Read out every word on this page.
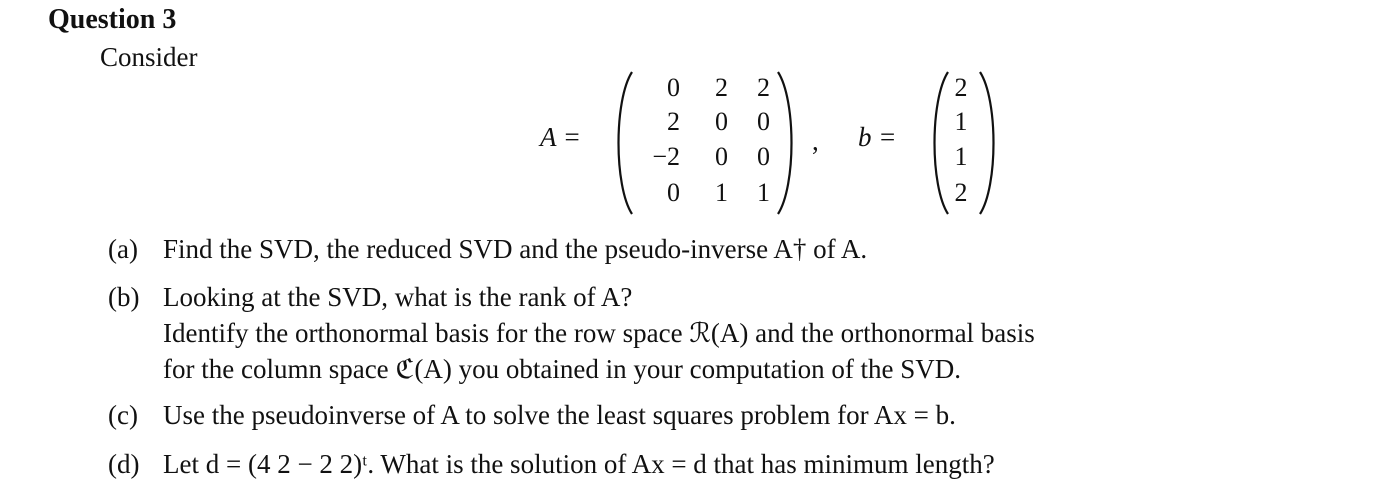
Question 3
Consider
A =
0	2	2
2	0	0
−2	0	0
0	1	1
, b =
2
1
1
2
(a) Find the SVD, the reduced SVD and the pseudo-inverse A† of A.
(b) Looking at the SVD, what is the rank of A?
Identify the orthonormal basis for the row space ℛ(A) and the orthonormal basis
for the column space ℭ(A) you obtained in your computation of the SVD.
(c) Use the pseudoinverse of A to solve the least squares problem for Ax = b.
(d) Let d = (4 2 − 2 2)ᵗ. What is the solution of Ax = d that has minimum length?
